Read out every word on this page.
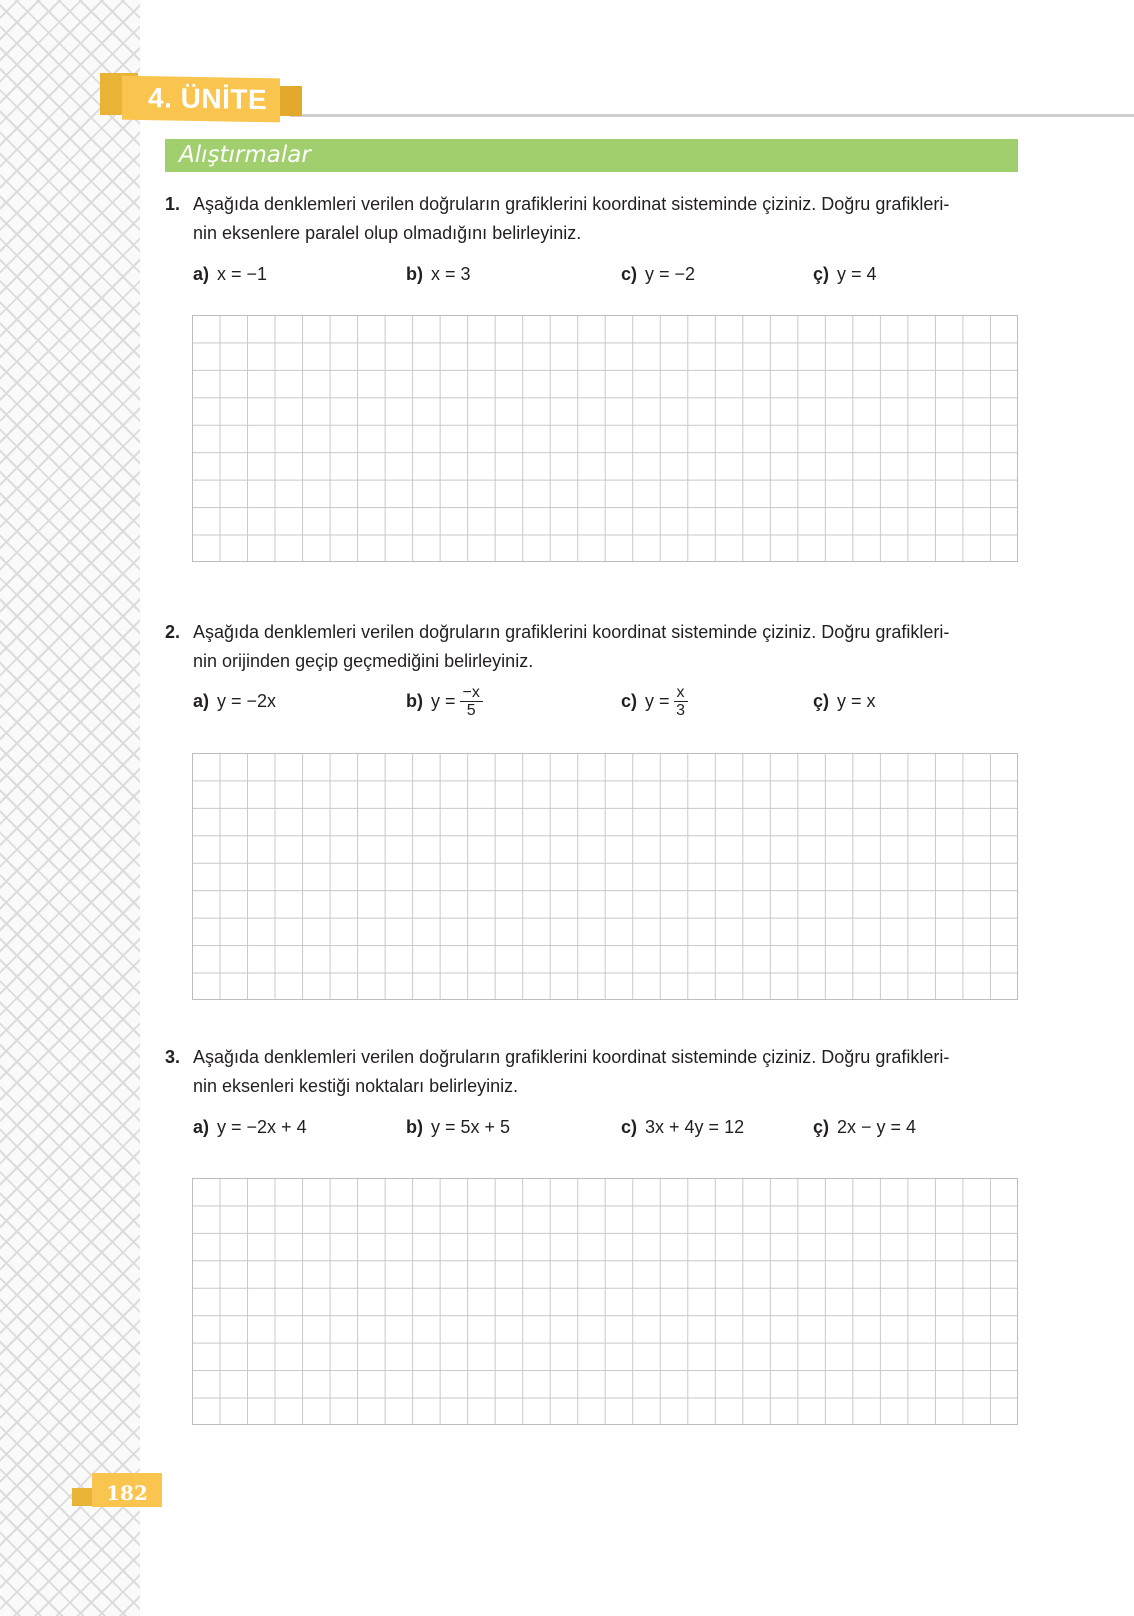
4. ÜNİTE
Alıştırmalar
1. Aşağıda denklemleri verilen doğruların grafiklerini koordinat sisteminde çiziniz. Doğru grafikleri-
nin eksenlere paralel olup olmadığını belirleyiniz.
a) x = −1	b) x = 3	c) y = −2	ç) y = 4
2. Aşağıda denklemleri verilen doğruların grafiklerini koordinat sisteminde çiziniz. Doğru grafikleri-
nin orijinden geçip geçmediğini belirleyiniz.
a) y = −2x	b) $y = \frac{-x}{5}$	c) $y = \frac{x}{3}$	ç) y = x
3. Aşağıda denklemleri verilen doğruların grafiklerini koordinat sisteminde çiziniz. Doğru grafikleri-
nin eksenleri kestiği noktaları belirleyiniz.
a) y = −2x + 4	b) y = 5x + 5	c) 3x + 4y = 12	ç) 2x − y = 4
182
